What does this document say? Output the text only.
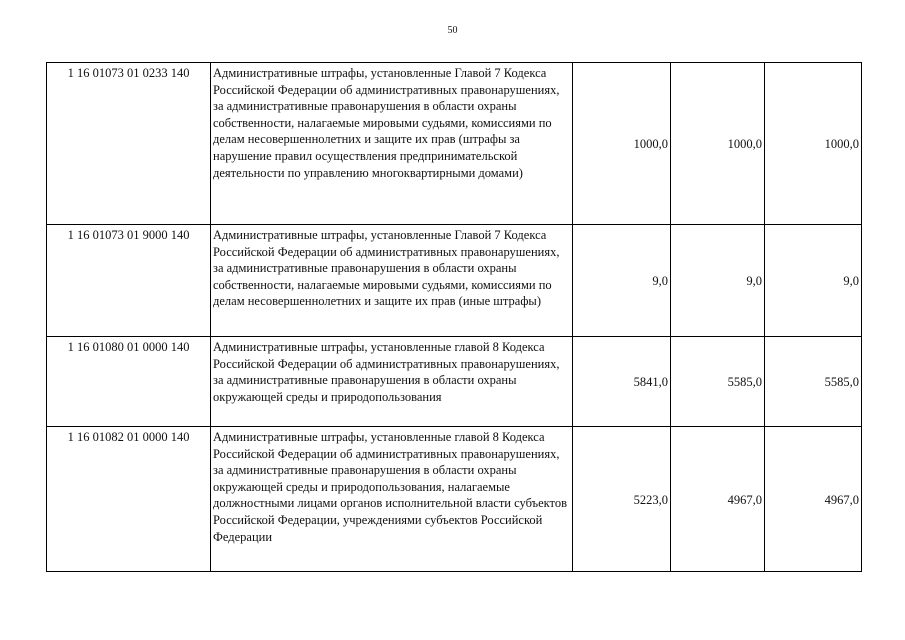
50
1 16 01073 01 0233 140	Административные штрафы, установленные Главой 7 Кодекса Российской Федерации об административных правонарушениях, за административные правонарушения в области охраны собственности, налагаемые мировыми судьями, комиссиями по делам несовершеннолетних и защите их прав (штрафы за нарушение правил осуществления предпринимательской деятельности по управлению многоквартирными домами)	1000,0	1000,0	1000,0
1 16 01073 01 9000 140	Административные штрафы, установленные Главой 7 Кодекса Российской Федерации об административных правонарушениях, за административные правонарушения в области охраны собственности, налагаемые мировыми судьями, комиссиями по делам несовершеннолетних и защите их прав (иные штрафы)	9,0	9,0	9,0
1 16 01080 01 0000 140	Административные штрафы, установленные главой 8 Кодекса Российской Федерации об административных правонарушениях, за административные правонарушения в области охраны окружающей среды и природопользования	5841,0	5585,0	5585,0
1 16 01082 01 0000 140	Административные штрафы, установленные главой 8 Кодекса Российской Федерации об административных правонарушениях, за административные правонарушения в области охраны окружающей среды и природопользования, налагаемые должностными лицами органов исполнительной власти субъектов Российской Федерации, учреждениями субъектов Российской Федерации	5223,0	4967,0	4967,0
